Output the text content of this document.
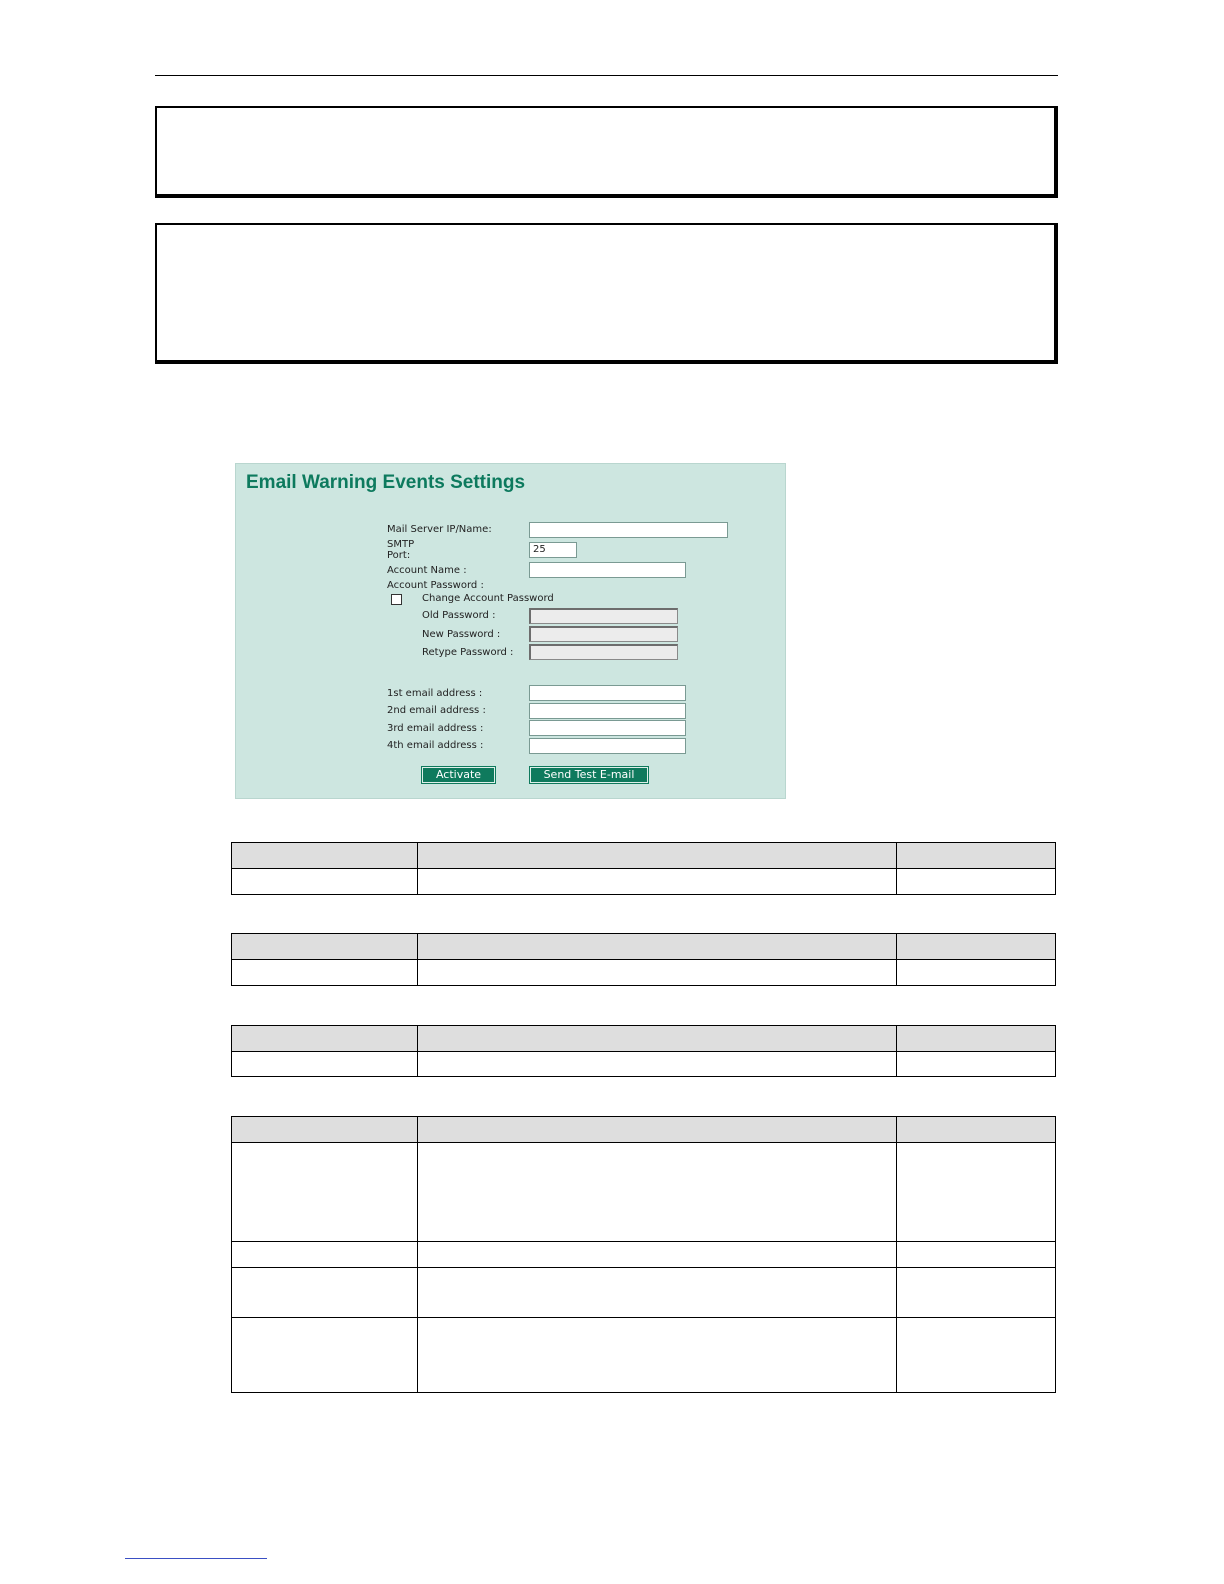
Email Warning Events Settings
Mail Server IP/Name:
SMTP
Port:
25
Account Name :
Account Password :
Change Account Password
Old Password :
New Password :
Retype Password :
1st email address :
2nd email address :
3rd email address :
4th email address :
Activate	Send Test E-mail
